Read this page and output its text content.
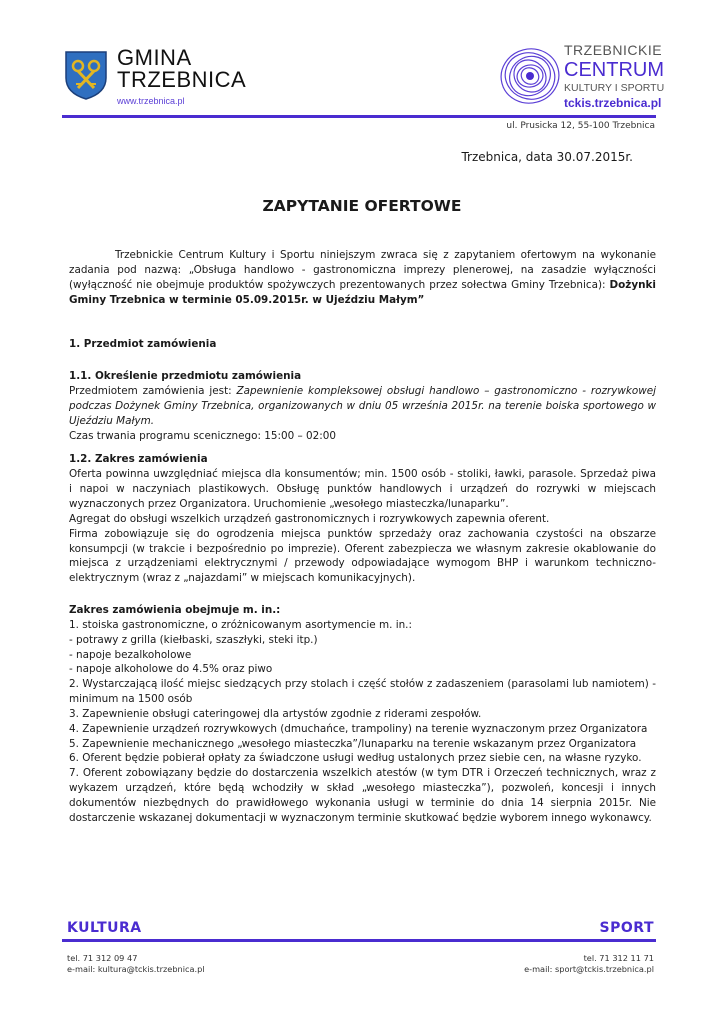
GMINA
TRZEBNICA
www.trzebnica.pl
TRZEBNICKIE
CENTRUM
KULTURY I SPORTU
tckis.trzebnica.pl
ul. Prusicka 12, 55-100 Trzebnica
Trzebnica, data 30.07.2015r.
ZAPYTANIE OFERTOWE

Trzebnickie Centrum Kultury i Sportu niniejszym zwraca się z zapytaniem ofertowym na wykonanie zadania pod nazwą: „Obsługa handlowo - gastronomiczna imprezy plenerowej, na zasadzie wyłączności (wyłączność nie obejmuje produktów spożywczych prezentowanych przez sołectwa Gminy Trzebnica): Dożynki Gminy Trzebnica w terminie 05.09.2015r. w Ujeździu Małym”

1. Przedmiot zamówienia

1.1. Określenie przedmiotu zamówienia

Przedmiotem zamówienia jest: Zapewnienie kompleksowej obsługi handlowo – gastronomiczno - rozrywkowej podczas Dożynek Gminy Trzebnica, organizowanych w dniu 05 września 2015r. na terenie boiska sportowego w Ujeździu Małym.

Czas trwania programu scenicznego: 15:00 – 02:00

1.2. Zakres zamówienia

Oferta powinna uwzględniać miejsca dla konsumentów; min. 1500 osób - stoliki, ławki, parasole. Sprzedaż piwa i napoi w naczyniach plastikowych. Obsługę punktów handlowych i urządzeń do rozrywki w miejscach wyznaczonych przez Organizatora. Uruchomienie „wesołego miasteczka/lunaparku”.

Agregat do obsługi wszelkich urządzeń gastronomicznych i rozrywkowych zapewnia oferent.

Firma zobowiązuje się do ogrodzenia miejsca punktów sprzedaży oraz zachowania czystości na obszarze konsumpcji (w trakcie i bezpośrednio po imprezie). Oferent zabezpiecza we własnym zakresie okablowanie do miejsca z urządzeniami elektrycznymi / przewody odpowiadające wymogom BHP i warunkom techniczno-elektrycznym (wraz z „najazdami” w miejscach komunikacyjnych).

Zakres zamówienia obejmuje m. in.:

1. stoiska gastronomiczne, o zróżnicowanym asortymencie m. in.:

- potrawy z grilla (kiełbaski, szaszłyki, steki itp.)

- napoje bezalkoholowe

- napoje alkoholowe do 4.5% oraz piwo

2. Wystarczającą ilość miejsc siedzących przy stolach i część stołów z zadaszeniem (parasolami lub namiotem) - minimum na 1500 osób

3. Zapewnienie obsługi cateringowej dla artystów zgodnie z riderami zespołów.

4. Zapewnienie urządzeń rozrywkowych (dmuchańce, trampoliny) na terenie wyznaczonym przez Organizatora

5. Zapewnienie mechanicznego „wesołego miasteczka”/lunaparku na terenie wskazanym przez Organizatora

6. Oferent będzie pobierał opłaty za świadczone usługi według ustalonych przez siebie cen, na własne ryzyko.

7. Oferent zobowiązany będzie do dostarczenia wszelkich atestów (w tym DTR i Orzeczeń technicznych, wraz z wykazem urządzeń, które będą wchodziły w skład „wesołego miasteczka”), pozwoleń, koncesji i innych dokumentów niezbędnych do prawidłowego wykonania usługi w terminie do dnia 14 sierpnia 2015r. Nie dostarczenie wskazanej dokumentacji w wyznaczonym terminie skutkować będzie wyborem innego wykonawcy.

KULTURA	SPORT
tel. 71 312 09 47
e-mail: kultura@tckis.trzebnica.pl
tel. 71 312 11 71
e-mail: sport@tckis.trzebnica.pl
